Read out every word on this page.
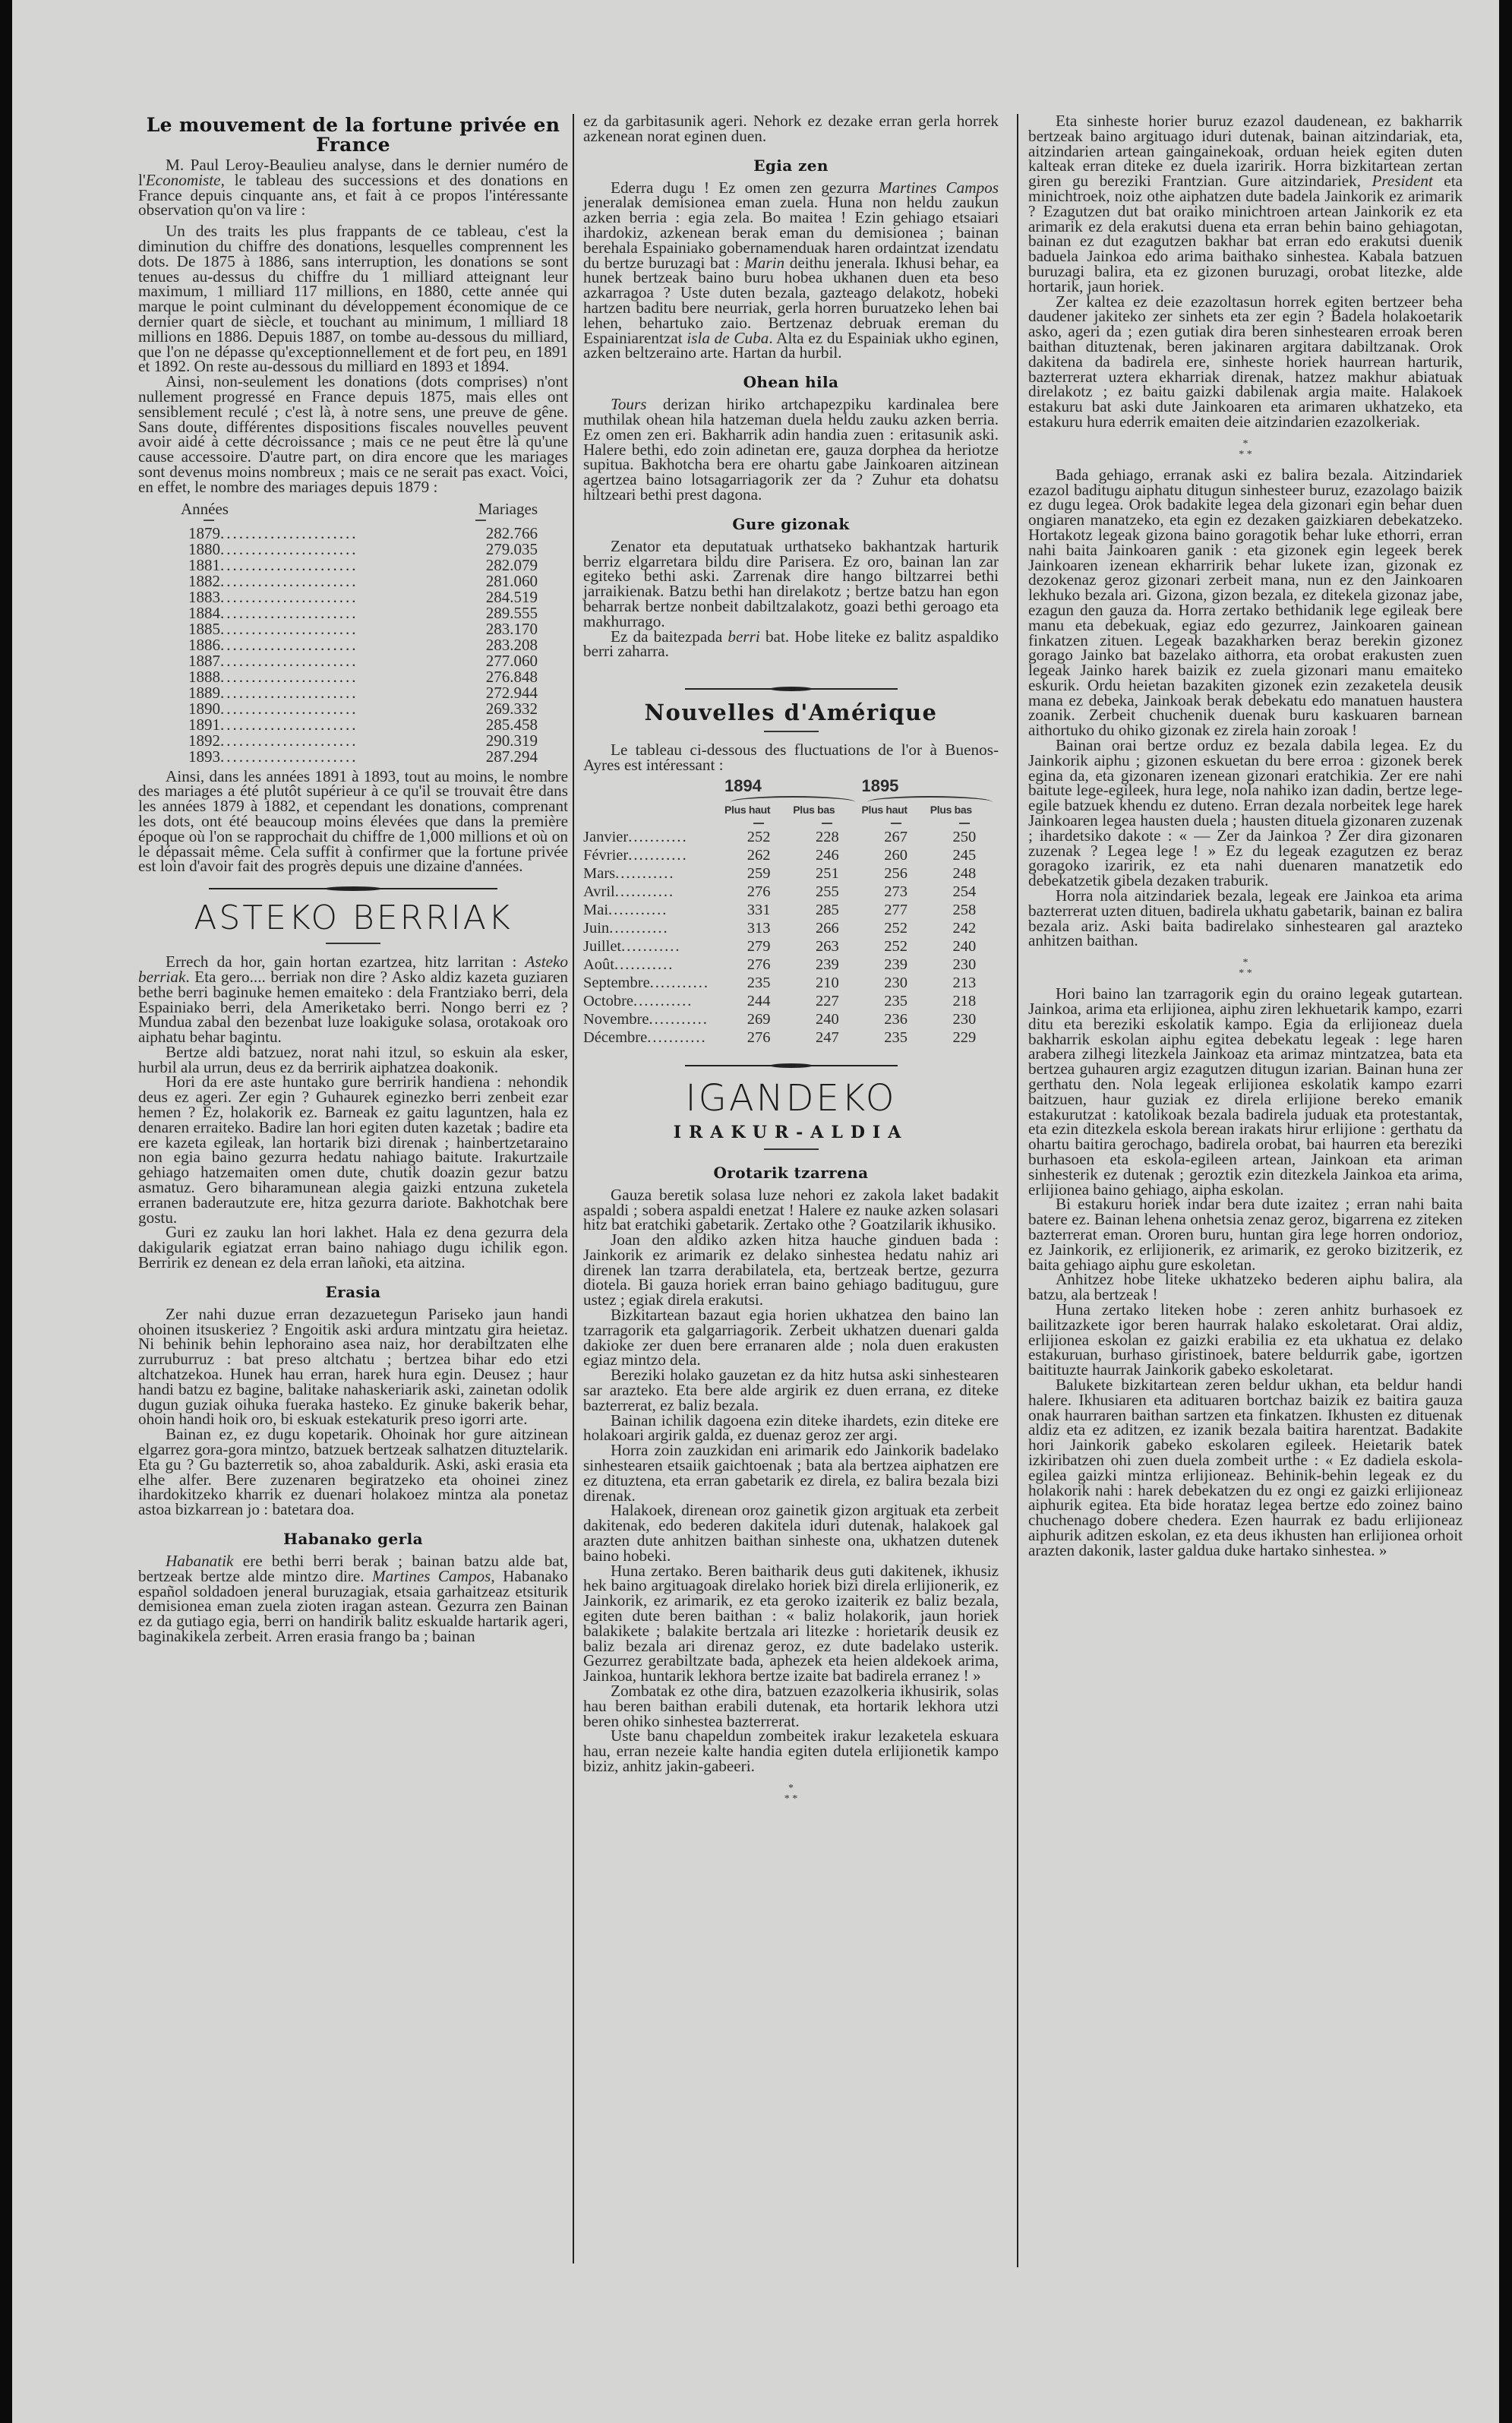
Le mouvement de la fortune privée en France

M. Paul Leroy-Beaulieu analyse, dans le dernier numéro de l'Economiste, le tableau des successions et des donations en France depuis cinquante ans, et fait à ce propos l'intéressante observation qu'on va lire :

Un des traits les plus frappants de ce tableau, c'est la diminution du chiffre des donations, lesquelles comprennent les dots. De 1875 à 1886, sans interruption, les donations se sont tenues au-dessus du chiffre du 1 milliard atteignant leur maximum, 1 milliard 117 millions, en 1880, cette année qui marque le point culminant du développement économique de ce dernier quart de siècle, et touchant au minimum, 1 milliard 18 millions en 1886. Depuis 1887, on tombe au-dessous du milliard, que l'on ne dépasse qu'exceptionnellement et de fort peu, en 1891 et 1892. On reste au-dessous du milliard en 1893 et 1894.

Ainsi, non-seulement les donations (dots comprises) n'ont nullement progressé en France depuis 1875, mais elles ont sensiblement reculé ; c'est là, à notre sens, une preuve de gêne. Sans doute, différentes dispositions fiscales nouvelles peuvent avoir aidé à cette décroissance ; mais ce ne peut être là qu'une cause accessoire. D'autre part, on dira encore que les mariages sont devenus moins nombreux ; mais ce ne serait pas exact. Voici, en effet, le nombre des mariages depuis 1879 :

Années	Mariages

1879 ......................	282.766

1880 ......................	279.035

1881 ......................	282.079

1882 ......................	281.060

1883 ......................	284.519

1884 ......................	289.555

1885 ......................	283.170

1886 ......................	283.208

1887 ......................	277.060

1888 ......................	276.848

1889 ......................	272.944

1890 ......................	269.332

1891 ......................	285.458

1892 ......................	290.319

1893 ......................	287.294

Ainsi, dans les années 1891 à 1893, tout au moins, le nombre des mariages a été plutôt supérieur à ce qu'il se trouvait être dans les années 1879 à 1882, et cependant les donations, comprenant les dots, ont été beaucoup moins élevées que dans la première époque où l'on se rapprochait du chiffre de 1,000 millions et où on le dépassait même. Cela suffit à confirmer que la fortune privée est loin d'avoir fait des progrès depuis une dizaine d'années.

ASTEKO BERRIAK

Errech da hor, gain hortan ezartzea, hitz larritan : Asteko berriak. Eta gero.... berriak non dire ? Asko aldiz kazeta guziaren bethe berri baginuke hemen emaiteko : dela Frantziako berri, dela Espainiako berri, dela Ameriketako berri. Nongo berri ez ? Mundua zabal den bezenbat luze loakiguke solasa, orotakoak oro aiphatu behar bagintu.

Bertze aldi batzuez, norat nahi itzul, so eskuin ala esker, hurbil ala urrun, deus ez da berririk aiphatzea doakonik.

Hori da ere aste huntako gure berririk handiena : nehondik deus ez ageri. Zer egin ? Guhaurek eginezko berri zenbeit ezar hemen ? Ez, holakorik ez. Barneak ez gaitu laguntzen, hala ez denaren erraiteko. Badire lan hori egiten duten kazetak ; badire eta ere kazeta egileak, lan hortarik bizi direnak ; hainbertzetaraino non egia baino gezurra hedatu nahiago baitute. Irakurtzaile gehiago hatzemaiten omen dute, chutik doazin gezur batzu asmatuz. Gero biharamunean alegia gaizki entzuna zuketela erranen baderautzute ere, hitza gezurra dariote. Bakhotchak bere gostu.

Guri ez zauku lan hori lakhet. Hala ez dena gezurra dela dakigularik egiatzat erran baino nahiago dugu ichilik egon. Berririk ez denean ez dela erran lañoki, eta aitzina.

Erasia

Zer nahi duzue erran dezazuetegun Pariseko jaun handi ohoinen itsuskeriez ? Engoitik aski ardura mintzatu gira heietaz. Ni behinik behin lephoraino asea naiz, hor derabiltzaten elhe zurruburruz : bat preso altchatu ; bertzea bihar edo etzi altchatzekoa. Hunek hau erran, harek hura egin. Deusez ; haur handi batzu ez bagine, balitake nahaskeriarik aski, zainetan odolik dugun guziak oihuka fueraka hasteko. Ez ginuke bakerik behar, ohoin handi hoik oro, bi eskuak estekaturik preso igorri arte.

Bainan ez, ez dugu kopetarik. Ohoinak hor gure aitzinean elgarrez gora-gora mintzo, batzuek bertzeak salhatzen dituztelarik. Eta gu ? Gu bazterretik so, ahoa zabaldurik. Aski, aski erasia eta elhe alfer. Bere zuzenaren begiratzeko eta ohoinei zinez ihardokitzeko kharrik ez duenari holakoez mintza ala ponetaz astoa bizkarrean jo : batetara doa.

Habanako gerla

Habanatik ere bethi berri berak ; bainan batzu alde bat, bertzeak bertze alde mintzo dire. Martines Campos, Habanako español soldadoen jeneral buruzagiak, etsaia garhaitzeaz etsiturik demisionea eman zuela zioten iragan astean. Gezurra zen Bainan ez da gutiago egia, berri on handirik balitz eskualde hartarik ageri, baginakikela zerbeit. Arren erasia frango ba ; bainan

ez da garbitasunik ageri. Nehork ez dezake erran gerla horrek azkenean norat eginen duen.

Egia zen

Ederra dugu ! Ez omen zen gezurra Martines Campos jeneralak demisionea eman zuela. Huna non heldu zaukun azken berria : egia zela. Bo maitea ! Ezin gehiago etsaiari ihardokiz, azkenean berak eman du demisionea ; bainan berehala Espainiako gobernamenduak haren ordaintzat izendatu du bertze buruzagi bat : Marin deithu jenerala. Ikhusi behar, ea hunek bertzeak baino buru hobea ukhanen duen eta beso azkarragoa ? Uste duten bezala, gazteago delakotz, hobeki hartzen baditu bere neurriak, gerla horren buruatzeko lehen bai lehen, behartuko zaio. Bertzenaz debruak ereman du Espainiarentzat isla de Cuba. Alta ez du Espainiak ukho eginen, azken beltzeraino arte. Hartan da hurbil.

Ohean hila

Tours derizan hiriko artchapezpiku kardinalea bere muthilak ohean hila hatzeman duela heldu zauku azken berria. Ez omen zen eri. Bakharrik adin handia zuen : eritasunik aski. Halere bethi, edo zoin adinetan ere, gauza dorphea da heriotze supitua. Bakhotcha bera ere ohartu gabe Jainkoaren aitzinean agertzea baino lotsagarriagorik zer da ? Zuhur eta dohatsu hiltzeari bethi prest dagona.

Gure gizonak

Zenator eta deputatuak urthatseko bakhantzak harturik berriz elgarretara bildu dire Parisera. Ez oro, bainan lan zar egiteko bethi aski. Zarrenak dire hango biltzarrei bethi jarraikienak. Batzu bethi han direlakotz ; bertze batzu han egon beharrak bertze nonbeit dabiltzalakotz, goazi bethi geroago eta makhurrago.

Ez da baitezpada berri bat. Hobe liteke ez balitz aspaldiko berri zaharra.

Nouvelles d'Amérique

Le tableau ci-dessous des fluctuations de l'or à Buenos-Ayres est intéressant :

	1894		1895	

	Plus haut	Plus bas	Plus haut	Plus bas

Janvier ...........	252	228	267	250

Février ...........	262	246	260	245

Mars ...........	259	251	256	248

Avril ...........	276	255	273	254

Mai ...........	331	285	277	258

Juin ...........	313	266	252	242

Juillet ...........	279	263	252	240

Août ...........	276	239	239	230

Septembre ...........	235	210	230	213

Octobre ...........	244	227	235	218

Novembre ...........	269	240	236	230

Décembre ...........	276	247	235	229
IGANDEKO
IRAKUR-ALDIA
Orotarik tzarrena

Gauza beretik solasa luze nehori ez zakola laket badakit aspaldi ; sobera aspaldi enetzat ! Halere ez nauke azken solasari hitz bat eratchiki gabetarik. Zertako othe ? Goatzilarik ikhusiko.

Joan den aldiko azken hitza hauche ginduen bada : Jainkorik ez arimarik ez delako sinhestea hedatu nahiz ari direnek lan tzarra derabilatela, eta, bertzeak bertze, gezurra diotela. Bi gauza horiek erran baino gehiago badituguu, gure ustez ; egiak direla erakutsi.

Bizkitartean bazaut egia horien ukhatzea den baino lan tzarragorik eta galgarriagorik. Zerbeit ukhatzen duenari galda dakioke zer duen bere erranaren alde ; nola duen erakusten egiaz mintzo dela.

Bereziki holako gauzetan ez da hitz hutsa aski sinhestearen sar arazteko. Eta bere alde argirik ez duen errana, ez diteke bazterrerat, ez baliz bezala.

Bainan ichilik dagoena ezin diteke ihardets, ezin diteke ere holakoari argirik galda, ez duenaz geroz zer argi.

Horra zoin zauzkidan eni arimarik edo Jainkorik badelako sinhestearen etsaiik gaichtoenak ; bata ala bertzea aiphatzen ere ez dituztena, eta erran gabetarik ez direla, ez balira bezala bizi direnak.

Halakoek, direnean oroz gainetik gizon argituak eta zerbeit dakitenak, edo bederen dakitela iduri dutenak, halakoek gal arazten dute anhitzen baithan sinheste ona, ukhatzen dutenek baino hobeki.

Huna zertako. Beren baitharik deus guti dakitenek, ikhusiz hek baino argituagoak direlako horiek bizi direla erlijionerik, ez Jainkorik, ez arimarik, ez eta geroko izaiterik ez baliz bezala, egiten dute beren baithan : « baliz holakorik, jaun horiek balakikete ; balakite bertzala ari litezke : horietarik deusik ez baliz bezala ari direnaz geroz, ez dute badelako usterik. Gezurrez gerabiltzate bada, aphezek eta heien aldekoek arima, Jainkoa, huntarik lekhora bertze izaite bat badirela erranez ! »

Zombatak ez othe dira, batzuen ezazolkeria ikhusirik, solas hau beren baithan erabili dutenak, eta hortarik lekhora utzi beren ohiko sinhestea bazterrerat.

Uste banu chapeldun zombeitek irakur lezaketela eskuara hau, erran nezeie kalte handia egiten dutela erlijionetik kampo biziz, anhitz jakin-gabeeri.

*
* *

Eta sinheste horier buruz ezazol daudenean, ez bakharrik bertzeak baino argituago iduri dutenak, bainan aitzindariak, eta, aitzindarien artean gaingainekoak, orduan heiek egiten duten kalteak erran diteke ez duela izaririk. Horra bizkitartean zertan giren gu bereziki Frantzian. Gure aitzindariek, President eta minichtroek, noiz othe aiphatzen dute badela Jainkorik ez arimarik ? Ezagutzen dut bat oraiko minichtroen artean Jainkorik ez eta arimarik ez dela erakutsi duena eta erran behin baino gehiagotan, bainan ez dut ezagutzen bakhar bat erran edo erakutsi duenik baduela Jainkoa edo arima baithako sinhestea. Kabala batzuen buruzagi balira, eta ez gizonen buruzagi, orobat litezke, alde hortarik, jaun horiek.

Zer kaltea ez deie ezazoltasun horrek egiten bertzeer beha daudener jakiteko zer sinhets eta zer egin ? Badela holakoetarik asko, ageri da ; ezen gutiak dira beren sinhestearen erroak beren baithan dituztenak, beren jakinaren argitara dabiltzanak. Orok dakitena da badirela ere, sinheste horiek haurrean harturik, bazterrerat uztera ekharriak direnak, hatzez makhur abiatuak direlakotz ; ez baitu gaizki dabilenak argia maite. Halakoek estakuru bat aski dute Jainkoaren eta arimaren ukhatzeko, eta estakuru hura ederrik emaiten deie aitzindarien ezazolkeriak.

*
* *

Bada gehiago, erranak aski ez balira bezala. Aitzindariek ezazol baditugu aiphatu ditugun sinhesteer buruz, ezazolago baizik ez dugu legea. Orok badakite legea dela gizonari egin behar duen ongiaren manatzeko, eta egin ez dezaken gaizkiaren debekatzeko. Hortakotz legeak gizona baino goragotik behar luke ethorri, erran nahi baita Jainkoaren ganik : eta gizonek egin legeek berek Jainkoaren izenean ekharririk behar lukete izan, gizonak ez dezokenaz geroz gizonari zerbeit mana, nun ez den Jainkoaren lekhuko bezala ari. Gizona, gizon bezala, ez ditekela gizonaz jabe, ezagun den gauza da. Horra zertako bethidanik lege egileak bere manu eta debekuak, egiaz edo gezurrez, Jainkoaren gainean finkatzen zituen. Legeak bazakharken beraz berekin gizonez gorago Jainko bat bazelako aithorra, eta orobat erakusten zuen legeak Jainko harek baizik ez zuela gizonari manu emaiteko eskurik. Ordu heietan bazakiten gizonek ezin zezaketela deusik mana ez debeka, Jainkoak berak debekatu edo manatuen haustera zoanik. Zerbeit chuchenik duenak buru kaskuaren barnean aithortuko du ohiko gizonak ez zirela hain zoroak !

Bainan orai bertze orduz ez bezala dabila legea. Ez du Jainkorik aiphu ; gizonen eskuetan du bere erroa : gizonek berek egina da, eta gizonaren izenean gizonari eratchikia. Zer ere nahi baitute lege-egileek, hura lege, nola nahiko izan dadin, bertze lege-egile batzuek khendu ez duteno. Erran dezala norbeitek lege harek Jainkoaren legea hausten duela ; hausten dituela gizonaren zuzenak ; ihardetsiko dakote : « — Zer da Jainkoa ? Zer dira gizonaren zuzenak ? Legea lege ! » Ez du legeak ezagutzen ez beraz goragoko izaririk, ez eta nahi duenaren manatzetik edo debekatzetik gibela dezaken traburik.

Horra nola aitzindariek bezala, legeak ere Jainkoa eta arima bazterrerat uzten dituen, badirela ukhatu gabetarik, bainan ez balira bezala ariz. Aski baita badirelako sinhestearen gal arazteko anhitzen baithan.

*
* *

Hori baino lan tzarragorik egin du oraino legeak gutartean. Jainkoa, arima eta erlijionea, aiphu ziren lekhuetarik kampo, ezarri ditu eta bereziki eskolatik kampo. Egia da erlijioneaz duela bakharrik eskolan aiphu egitea debekatu legeak : lege haren arabera zilhegi litezkela Jainkoaz eta arimaz mintzatzea, bata eta bertzea guhauren argiz ezagutzen ditugun izarian. Bainan huna zer gerthatu den. Nola legeak erlijionea eskolatik kampo ezarri baitzuen, haur guziak ez direla erlijione bereko emanik estakurutzat : katolikoak bezala badirela juduak eta protestantak, eta ezin ditezkela eskola berean irakats hirur erlijione : gerthatu da ohartu baitira gerochago, badirela orobat, bai haurren eta bereziki burhasoen eta eskola-egileen artean, Jainkoan eta ariman sinhesterik ez dutenak ; geroztik ezin ditezkela Jainkoa eta arima, erlijionea baino gehiago, aipha eskolan.

Bi estakuru horiek indar bera dute izaitez ; erran nahi baita batere ez. Bainan lehena onhetsia zenaz geroz, bigarrena ez ziteken bazterrerat eman. Ororen buru, huntan gira lege horren ondorioz, ez Jainkorik, ez erlijionerik, ez arimarik, ez geroko bizitzerik, ez baita gehiago aiphu gure eskoletan.

Anhitzez hobe liteke ukhatzeko bederen aiphu balira, ala batzu, ala bertzeak !

Huna zertako liteken hobe : zeren anhitz burhasoek ez bailitzazkete igor beren haurrak halako eskoletarat. Orai aldiz, erlijionea eskolan ez gaizki erabilia ez eta ukhatua ez delako estakuruan, burhaso giristinoek, batere beldurrik gabe, igortzen baitituzte haurrak Jainkorik gabeko eskoletarat.

Balukete bizkitartean zeren beldur ukhan, eta beldur handi halere. Ikhusiaren eta adituaren bortchaz baizik ez baitira gauza onak haurraren baithan sartzen eta finkatzen. Ikhusten ez dituenak aldiz eta ez aditzen, ez izanik bezala baitira harentzat. Badakite hori Jainkorik gabeko eskolaren egileek. Heietarik batek izkiribatzen ohi zuen duela zombeit urthe : « Ez dadiela eskola-egilea gaizki mintza erlijioneaz. Behinik-behin legeak ez du holakorik nahi : harek debekatzen du ez ongi ez gaizki erlijioneaz aiphurik egitea. Eta bide horataz legea bertze edo zoinez baino chuchenago dobere chedera. Ezen haurrak ez badu erlijioneaz aiphurik aditzen eskolan, ez eta deus ikhusten han erlijionea orhoit arazten dakonik, laster galdua duke hartako sinhestea. »
